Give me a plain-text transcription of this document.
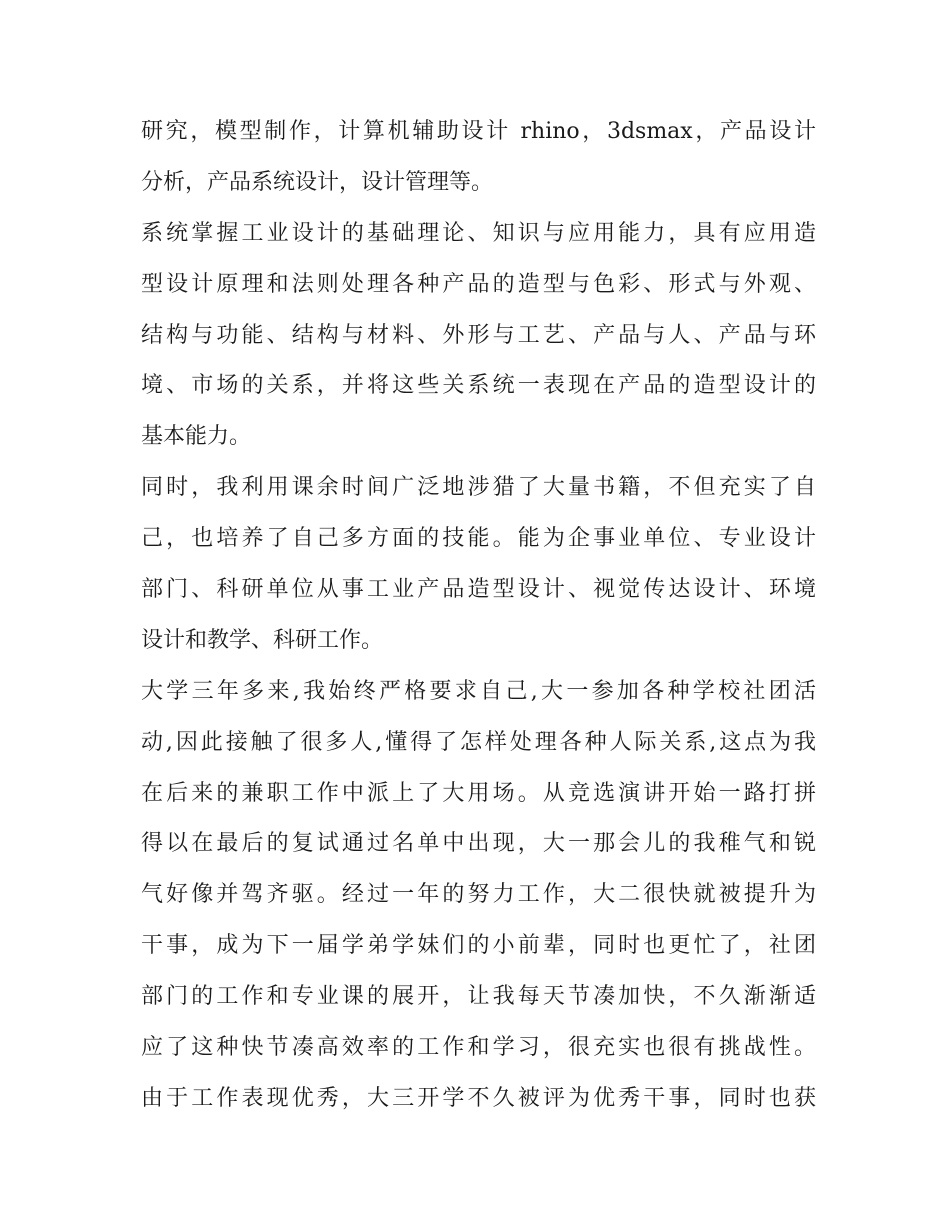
研究，模型制作，计算机辅助设计 rhino，3dsmax，产品设计
分析，产品系统设计，设计管理等。
系统掌握工业设计的基础理论、知识与应用能力，具有应用造
型设计原理和法则处理各种产品的造型与色彩、形式与外观、
结构与功能、结构与材料、外形与工艺、产品与人、产品与环
境、市场的关系，并将这些关系统一表现在产品的造型设计的
基本能力。
同时，我利用课余时间广泛地涉猎了大量书籍，不但充实了自
己，也培养了自己多方面的技能。能为企事业单位、专业设计
部门、科研单位从事工业产品造型设计、视觉传达设计、环境
设计和教学、科研工作。
大学三年多来,我始终严格要求自己,大一参加各种学校社团活
动,因此接触了很多人,懂得了怎样处理各种人际关系,这点为我
在后来的兼职工作中派上了大用场。从竞选演讲开始一路打拼
得以在最后的复试通过名单中出现，大一那会儿的我稚气和锐
气好像并驾齐驱。经过一年的努力工作，大二很快就被提升为
干事，成为下一届学弟学妹们的小前辈，同时也更忙了，社团
部门的工作和专业课的展开，让我每天节凑加快，不久渐渐适
应了这种快节凑高效率的工作和学习，很充实也很有挑战性。
由于工作表现优秀，大三开学不久被评为优秀干事，同时也获
